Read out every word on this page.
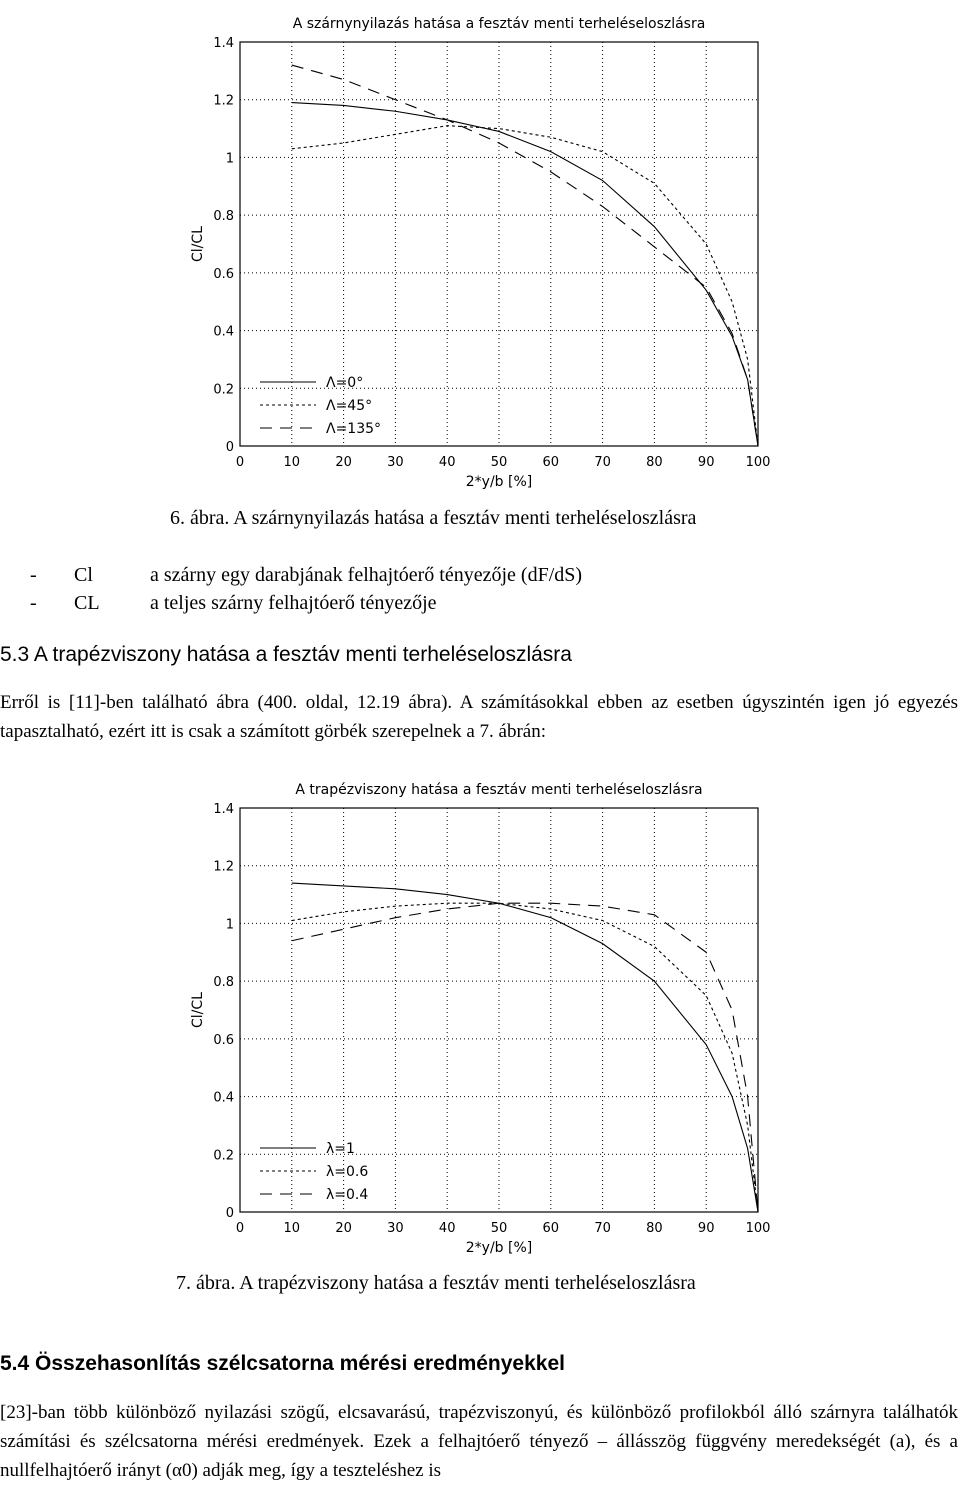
A szárnynyilazás hatása a fesztáv menti terheléseloszlásra
0	10	20	30	40	50	60	70	80	90 100
0
0.2
0.4
0.6
0.8
1
1.2
1.4
2*y/b [%]
Cl/CL
Λ=0°
Λ=45°
Λ=135°
6. ábra. A szárnynyilazás hatása a fesztáv menti terheléseloszlásra
-	Cl	a szárny egy darabjának felhajtóerő tényezője (dF/dS)
-	CL	a teljes szárny felhajtóerő tényezője
5.3 A trapézviszony hatása a fesztáv menti terheléseloszlásra
Erről is [11]-ben található ábra (400. oldal, 12.19 ábra). A számításokkal ebben az esetben úgyszintén igen jó egyezés tapasztalható, ezért itt is csak a számított görbék szerepelnek a 7. ábrán:
A trapézviszony hatása a fesztáv menti terheléseloszlásra
0	10	20	30	40	50	60	70	80	90 100
0
0.2
0.4
0.6
0.8
1
1.2
1.4
2*y/b [%]
Cl/CL
λ=1
λ=0.6
λ=0.4
7. ábra. A trapézviszony hatása a fesztáv menti terheléseloszlásra
5.4 Összehasonlítás szélcsatorna mérési eredményekkel
[23]-ban több különböző nyilazási szögű, elcsavarású, trapézviszonyú, és különböző profilokból álló szárnyra találhatók számítási és szélcsatorna mérési eredmények. Ezek a felhajtóerő tényező – állásszög függvény meredekségét (a), és a nullfelhajtóerő irányt (α0) adják meg, így a teszteléshez is
